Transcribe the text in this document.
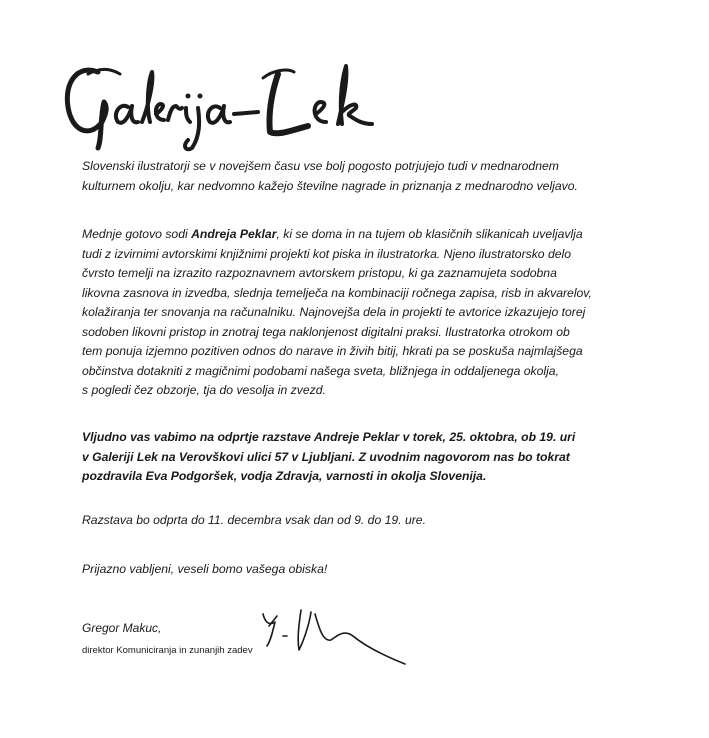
Slovenski ilustratorji se v novejšem času vse bolj pogosto potrjujejo tudi v mednarodnem
kulturnem okolju, kar nedvomno kažejo številne nagrade in priznanja z mednarodno veljavo.
Mednje gotovo sodi Andreja Peklar, ki se doma in na tujem ob klasičnih slikanicah uveljavlja
tudi z izvirnimi avtorskimi knjižnimi projekti kot piska in ilustratorka. Njeno ilustratorsko delo
čvrsto temelji na izrazito razpoznavnem avtorskem pristopu, ki ga zaznamujeta sodobna
likovna zasnova in izvedba, slednja temelječa na kombinaciji ročnega zapisa, risb in akvarelov,
kolažiranja ter snovanja na računalniku. Najnovejša dela in projekti te avtorice izkazujejo torej
sodoben likovni pristop in znotraj tega naklonjenost digitalni praksi. Ilustratorka otrokom ob
tem ponuja izjemno pozitiven odnos do narave in živih bitij, hkrati pa se poskuša najmlajšega
občinstva dotakniti z magičnimi podobami našega sveta, bližnjega in oddaljenega okolja,
s pogledi čez obzorje, tja do vesolja in zvezd.
Vljudno vas vabimo na odprtje razstave Andreje Peklar v torek, 25. oktobra, ob 19. uri
v Galeriji Lek na Verovškovi ulici 57 v Ljubljani. Z uvodnim nagovorom nas bo tokrat
pozdravila Eva Podgoršek, vodja Zdravja, varnosti in okolja Slovenija.
Razstava bo odprta do 11. decembra vsak dan od 9. do 19. ure.
Prijazno vabljeni, veseli bomo vašega obiska!
Gregor Makuc,
direktor Komuniciranja in zunanjih zadev
